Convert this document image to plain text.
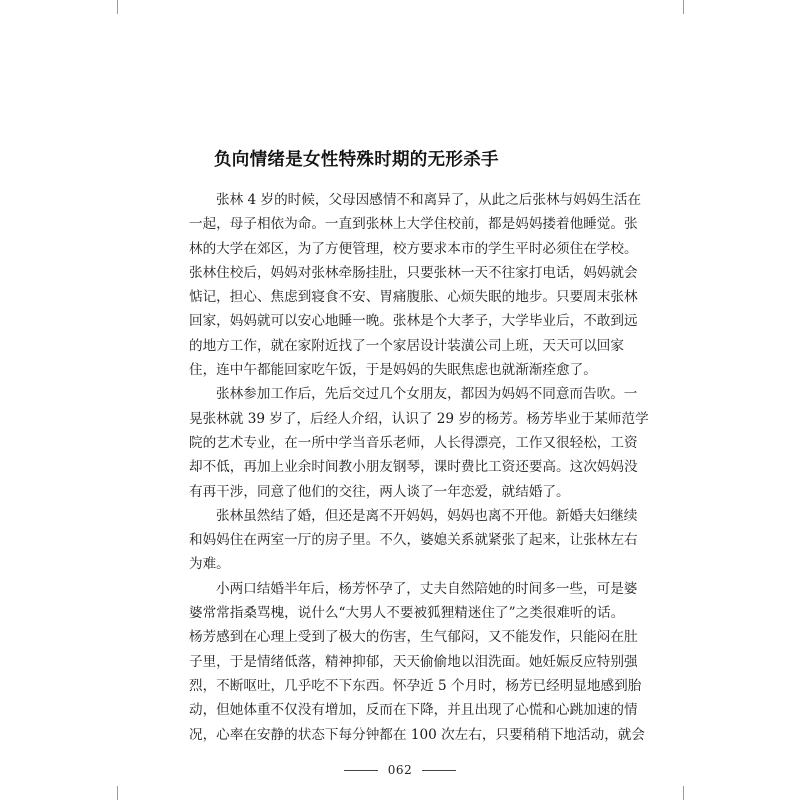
负向情绪是女性特殊时期的无形杀手
张林 4 岁的时候，父母因感情不和离异了，从此之后张林与妈妈生活在
一起，母子相依为命。一直到张林上大学住校前，都是妈妈搂着他睡觉。张
林的大学在郊区，为了方便管理，校方要求本市的学生平时必须住在学校。
张林住校后，妈妈对张林牵肠挂肚，只要张林一天不往家打电话，妈妈就会
惦记，担心、焦虑到寝食不安、胃痛腹胀、心烦失眠的地步。只要周末张林
回家，妈妈就可以安心地睡一晚。张林是个大孝子，大学毕业后，不敢到远
的地方工作，就在家附近找了一个家居设计装潢公司上班，天天可以回家
住，连中午都能回家吃午饭，于是妈妈的失眠焦虑也就渐渐痊愈了。
张林参加工作后，先后交过几个女朋友，都因为妈妈不同意而告吹。一
晃张林就 39 岁了，后经人介绍，认识了 29 岁的杨芳。杨芳毕业于某师范学
院的艺术专业，在一所中学当音乐老师，人长得漂亮，工作又很轻松，工资
却不低，再加上业余时间教小朋友钢琴，课时费比工资还要高。这次妈妈没
有再干涉，同意了他们的交往，两人谈了一年恋爱，就结婚了。
张林虽然结了婚，但还是离不开妈妈，妈妈也离不开他。新婚夫妇继续
和妈妈住在两室一厅的房子里。不久，婆媳关系就紧张了起来，让张林左右
为难。
小两口结婚半年后，杨芳怀孕了，丈夫自然陪她的时间多一些，可是婆
婆常常指桑骂槐，说什么“大男人不要被狐狸精迷住了”之类很难听的话。
杨芳感到在心理上受到了极大的伤害，生气郁闷，又不能发作，只能闷在肚
子里，于是情绪低落，精神抑郁，天天偷偷地以泪洗面。她妊娠反应特别强
烈，不断呕吐，几乎吃不下东西。怀孕近 5 个月时，杨芳已经明显地感到胎
动，但她体重不仅没有增加，反而在下降，并且出现了心慌和心跳加速的情
况，心率在安静的状态下每分钟都在 100 次左右，只要稍稍下地活动，就会
062
